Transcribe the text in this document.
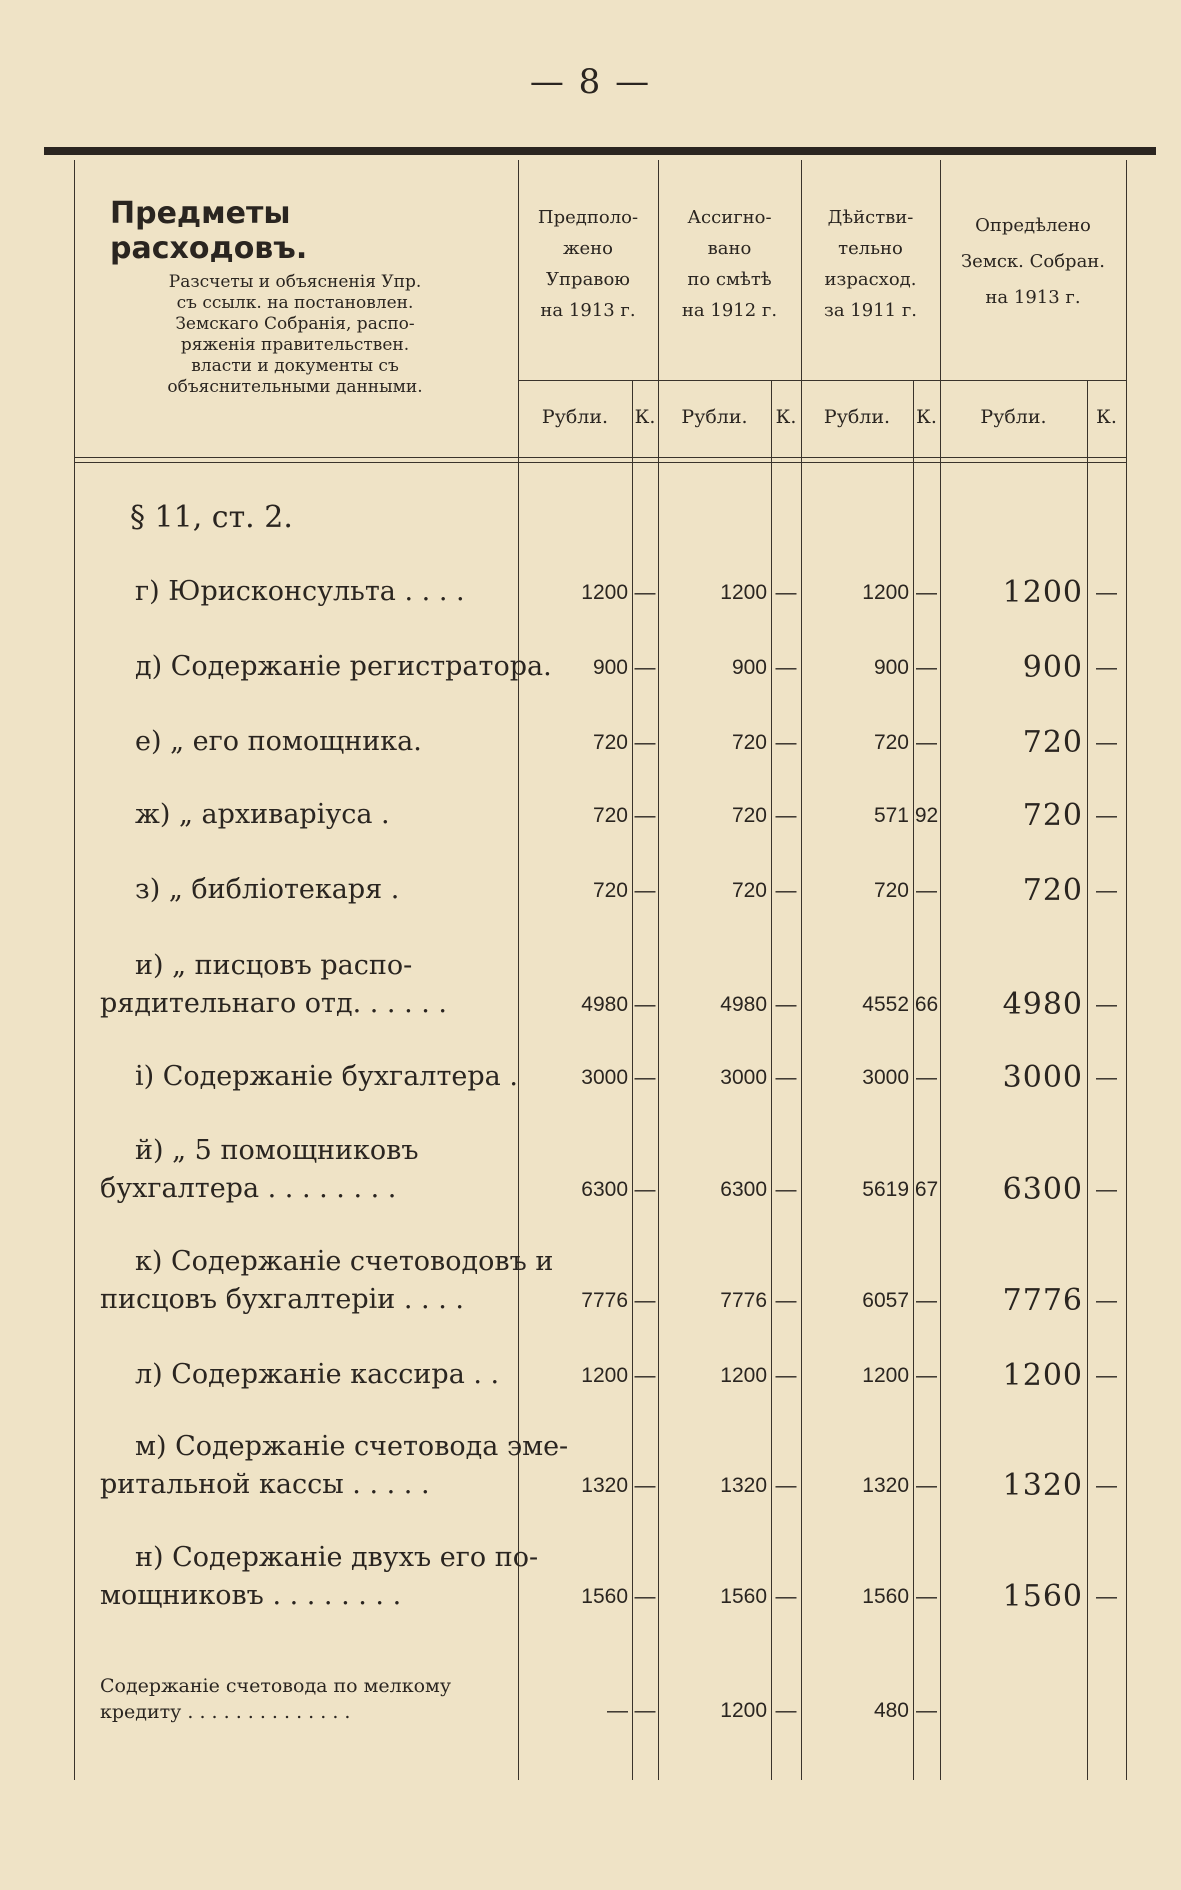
— 8 —
Предметы расходовъ.
Разсчеты и объясненія Упр.
съ ссылк. на постановлен.
Земскаго Собранія, распо-
ряженія правительствен.
власти и документы съ
объяснительными данными.
Предполо-
жено
Управою
на 1913 г.
Рубли.	К.
Ассигно-
вано
по смѣтѣ
на 1912 г.
Рубли.	К.
Дѣйстви-
тельно
израсход.
за 1911 г.
Рубли.	К.
Опредѣлено
Земск. Собран.
на 1913 г.
Рубли.	К.
§ 11, ст. 2.
г) Юрисконсульта . . . .	1200 —	1200 —	1200 —	1200 —
д) Содержаніе регистратора.	900 —	900 —	900 —	900 —
е) „ его помощника.	720 —	720 —	720 —	720 —
ж) „ архиваріуса .	720 —	720 —	571 92	720 —
з) „ библіотекаря .	720 —	720 —	720 —	720 —
и) „ писцовъ распо-
рядительнаго отд. . . . . .	4980 —	4980 —	4552 66	4980 —
і) Содержаніе бухгалтера .	3000 —	3000 —	3000 —	3000 —
й) „ 5 помощниковъ
бухгалтера . . . . . . . .	6300 —	6300 —	5619 67	6300 —
к) Содержаніе счетоводовъ и
писцовъ бухгалтеріи . . . .	7776 —	7776 —	6057 —	7776 —
л) Содержаніе кассира . .	1200 —	1200 —	1200 —	1200 —
м) Содержаніе счетовода эме-
ритальной кассы . . . . .	1320 —	1320 —	1320 —	1320 —
н) Содержаніе двухъ его по-
мощниковъ . . . . . . . .	1560 —	1560 —	1560 —	1560 —
Содержаніе счетовода по мелкому
кредиту . . . . . . . . . . . . . .	— —	1200 —	480 —
